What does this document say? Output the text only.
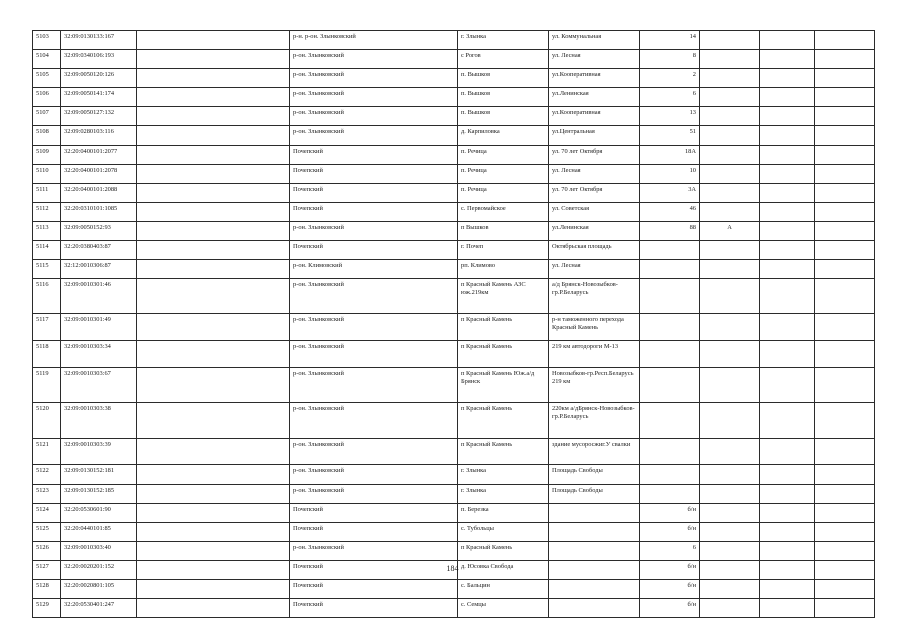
5103	32:09:0130133:167		р-н. р-он. Злынковский	г. Злынка	ул. Коммунальная	14			
5104	32:09:0340106:193		р-он. Злынковский	с Рогов	ул. Лесная	8			
5105	32:09:0050120:126		р-он. Злынковский	п. Вышков	ул.Кооперативная	2			
5106	32:09:0050141:174		р-он. Злынковский	п. Вышков	ул.Ленинская	6			
5107	32:09:0050127:132		р-он. Злынковский	п. Вышков	ул.Кооперативная	13			
5108	32:09:0280103:116		р-он. Злынковский	д. Карпиловка	ул.Центральная	51			
5109	32:20:0400101:2077		Почепский	п. Речица	ул. 70 лет Октября	18А			
5110	32:20:0400101:2078		Почепский	п. Речица	ул. Лесная	10			
5111	32:20:0400101:2088		Почепский	п. Речица	ул. 70 лет Октября	3А			
5112	32:20:0310101:1085		Почепский	с. Первомайское	ул. Советская	46			
5113	32:09:0050152:93		р-он. Злынковский	п Вышков	ул.Ленинская	88	А		
5114	32:20:0380403:87		Почепский	г. Почеп	Октябрьская площадь				
5115	32:12:0010306:87		р-он. Климовский	рп. Климово	ул. Лесная				
5116	32:09:0010301:46		р-он. Злынковский	п Красный Камень АЗС юж.219км	а/д Брянск-Новозыбков-гр.Р.Беларусь				
5117	32:09:0010301:49		р-он. Злынковский	п Красный Камень	р-н таможенного перехода Красный Камень				
5118	32:09:0010303:34		р-он. Злынковский	п Красный Камень	219 км автодороги М-13				
5119	32:09:0010303:67		р-он. Злынковский	п Красный Камень Юж.а/д Брянск	Новозыбков-гр.Респ.Беларусь 219 км				
5120	32:09:0010303:38		р-он. Злынковский	п Красный Камень	220км а/дБрянск-Новозыбков-гр.Р.Беларусь				
5121	32:09:0010303:39		р-он. Злынковский	п Красный Камень	здание мусоросжиг.У свалки				
5122	32:09:0130152:181		р-он. Злынковский	г. Злынка	Площадь Свободы				
5123	32:09:0130152:185		р-он. Злынковский	г. Злынка	Площадь Свободы				
5124	32:20:0530601:90		Почепский	п. Березка		б/н			
5125	32:20:0440101:85		Почепский	с. Тубольцы		б/н			
5126	32:09:0010303:40		р-он. Злынковский	п Красный Камень		6			
5127	32:20:0020201:152		Почепский	д. Юсовка Свобода		б/н			
5128	32:20:0020801:105		Почепский	с. Бальцин		б/н			
5129	32:20:0530401:247		Почепский	с. Семцы		б/н			
184
